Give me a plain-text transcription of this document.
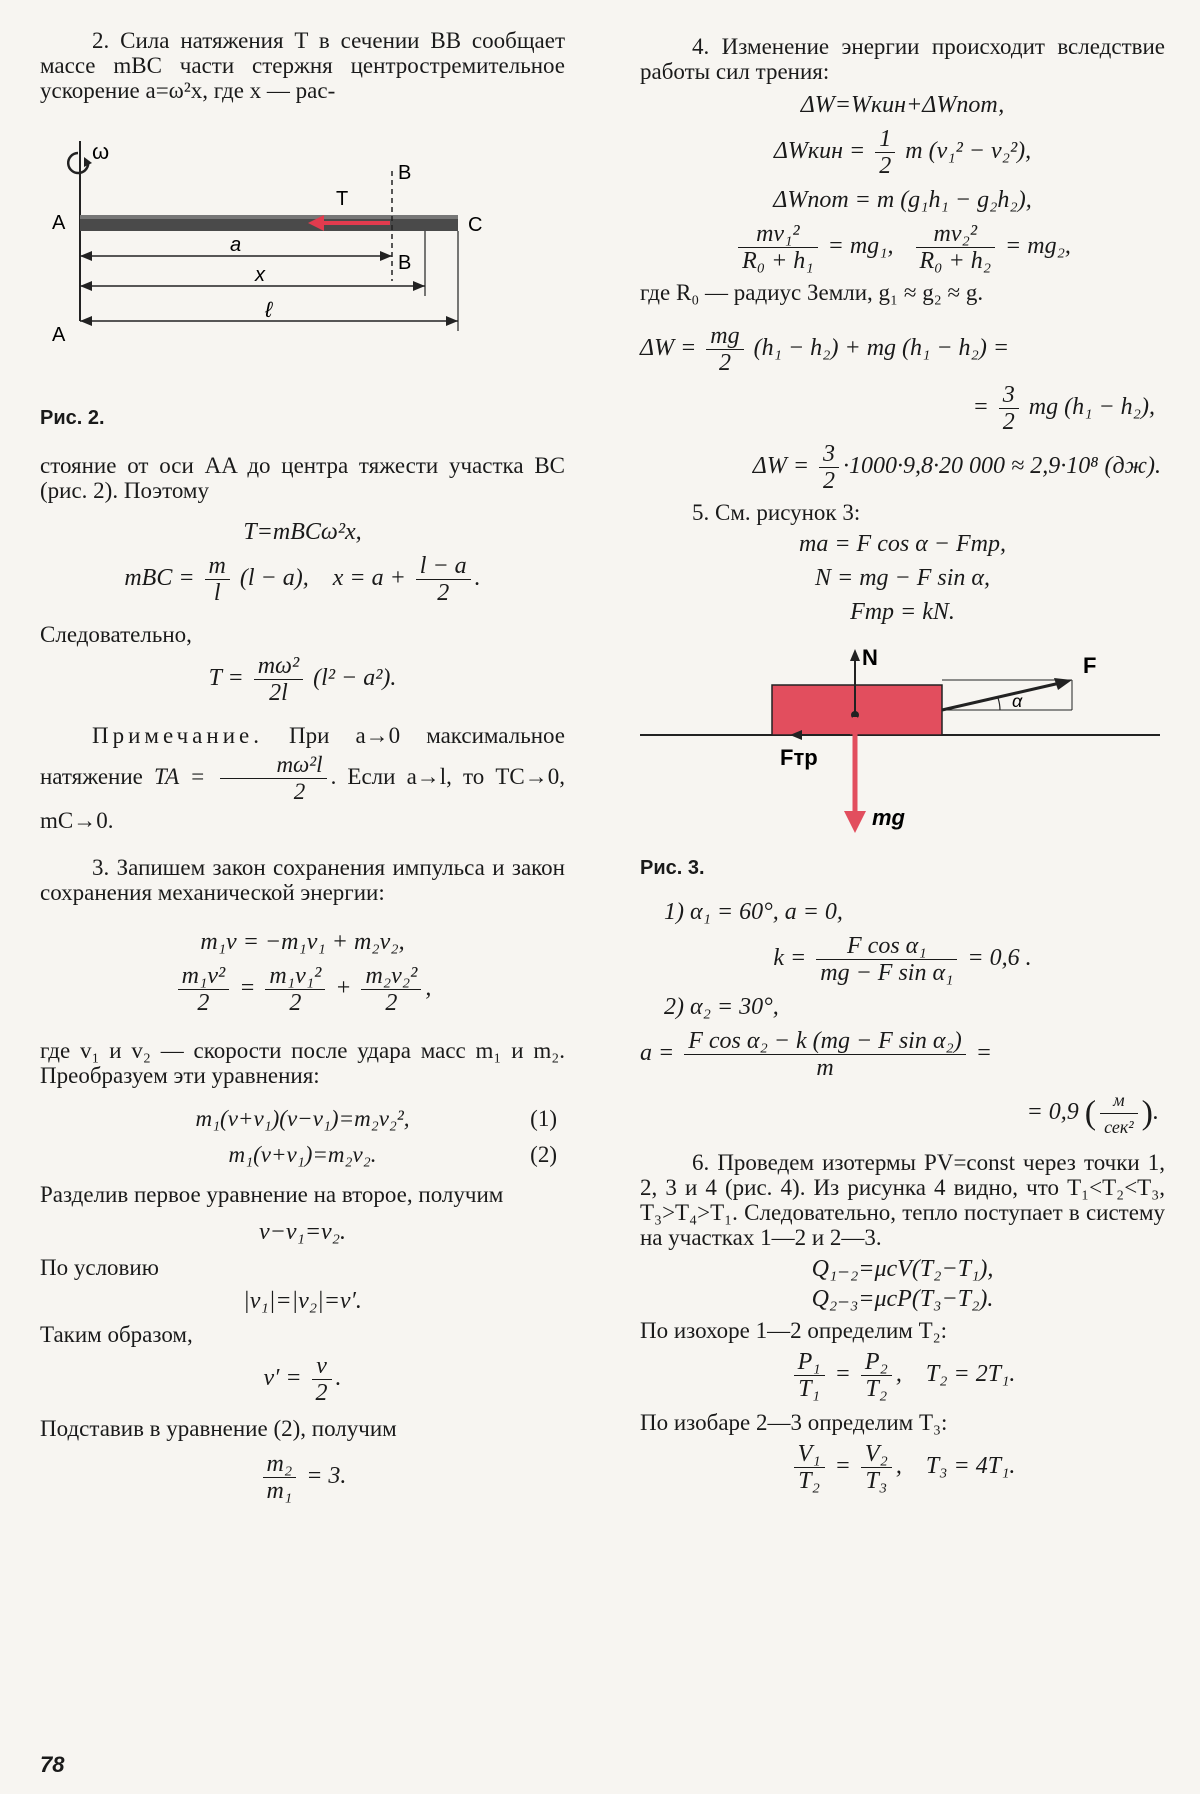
2. Сила натяжения T в сечении BB сообщает массе mBC части стержня центростремительное ускорение a=ω²x, где x — рас-

ω
A
A
C
B
B
T
a
x
ℓ

Рис. 2.

стояние от оси AA до центра тяжести участка BC (рис. 2). Поэтому

T=mBCω²x,
mBC = $\frac{m}{l} (l - a)$, $x = a + \frac{l - a}{2}$ .

Следовательно,

$T = \frac{\text{mω²}}{2l} (l^2 - a^2)$.

Примечание. При a→0 максимальное натяжение TA = $\frac{\text{mω²l}}{2}$ . Если a→l, то TC→0, mC→0.

3. Запишем закон сохранения импульса и закон сохранения механической энергии:

m₁v = −m₁v₁ + m₂v₂,
$\frac{\text{m₁v²}}{2} = \frac{\text{m₁v₁²}}{2} + \frac{\text{m₂v₂²}}{2}$ ,

где v₁ и v₂ — скорости после удара масс m₁ и m₂. Преобразуем эти уравнения:

m₁(v+v₁)(v−v₁)=m₂v₂²,	(1)
m₁(v+v₁)=m₂v₂.	(2)

Разделив первое уравнение на второе, получим

v−v₁=v₂.

По условию

|v₁|=|v₂|=v′.

Таким образом,

$v' = \frac{v}{2}$ .

Подставив в уравнение (2), получим

$\frac{\text{m₂}}{\text{m₁}} = 3$.

4. Изменение энергии происходит вследствие работы сил трения:

ΔW=Wкин+ΔWпот,
ΔWкин = $\frac{1}{2}$ m (v₁² − v₂²),
ΔWпот = m (g₁h₁ − g₂h₂),
$\frac{\text{mv₁²}}{\text{R₀ + h₁}} = mg_1$, $\frac{\text{mv₂²}}{\text{R₀ + h₂}} = mg_2$,

где R₀ — радиус Земли, g₁ ≈ g₂ ≈ g.

$\Delta W = \frac{mg}{2} (h_1 - h_2)$ + mg (h₁ − h₂) =
= $\frac{3}{2}$ mg (h₁ − h₂),
$\Delta W = \frac{3}{2} \cdot 1000\cdot 9,8\cdot 20$ 000 ≈ 2,9·10⁸ (дж).

5. См. рисунок 3:

ma = F cos α − Fтр,
N = mg − F sin α,
Fтр = kN.
N
mg
Fтр
α
F

Рис. 3.

1) α₁ = 60°, a = 0,
$k = \frac{\text{F cos α₁}}{\text{mg − F sin α₁}} = 0,6$ .
2) α₂ = 30°,
$a = \frac{\text{F cos α₂ − k (mg − F sin α₂)}}{m}$ =
= 0,9 ( $\frac{м}{\text{сек²}}$ ).

6. Проведем изотермы PV=const через точки 1, 2, 3 и 4 (рис. 4). Из рисунка 4 видно, что T₁<T₂<T₃, T₃>T₄>T₁. Следовательно, тепло поступает в систему на участках 1—2 и 2—3.

Q₁₋₂=μcV(T₂−T₁),
Q₂₋₃=μcP(T₃−T₂).

По изохоре 1—2 определим T₂:

$\frac{\text{P₁}}{\text{T₁}} = \frac{\text{P₂}}{\text{T₂}}$ ,    T₂ = 2T₁.

По изобаре 2—3 определим T₃:

$\frac{\text{V₁}}{\text{T₂}} = \frac{\text{V₂}}{\text{T₃}}$ ,    T₃ = 4T₁.
78
